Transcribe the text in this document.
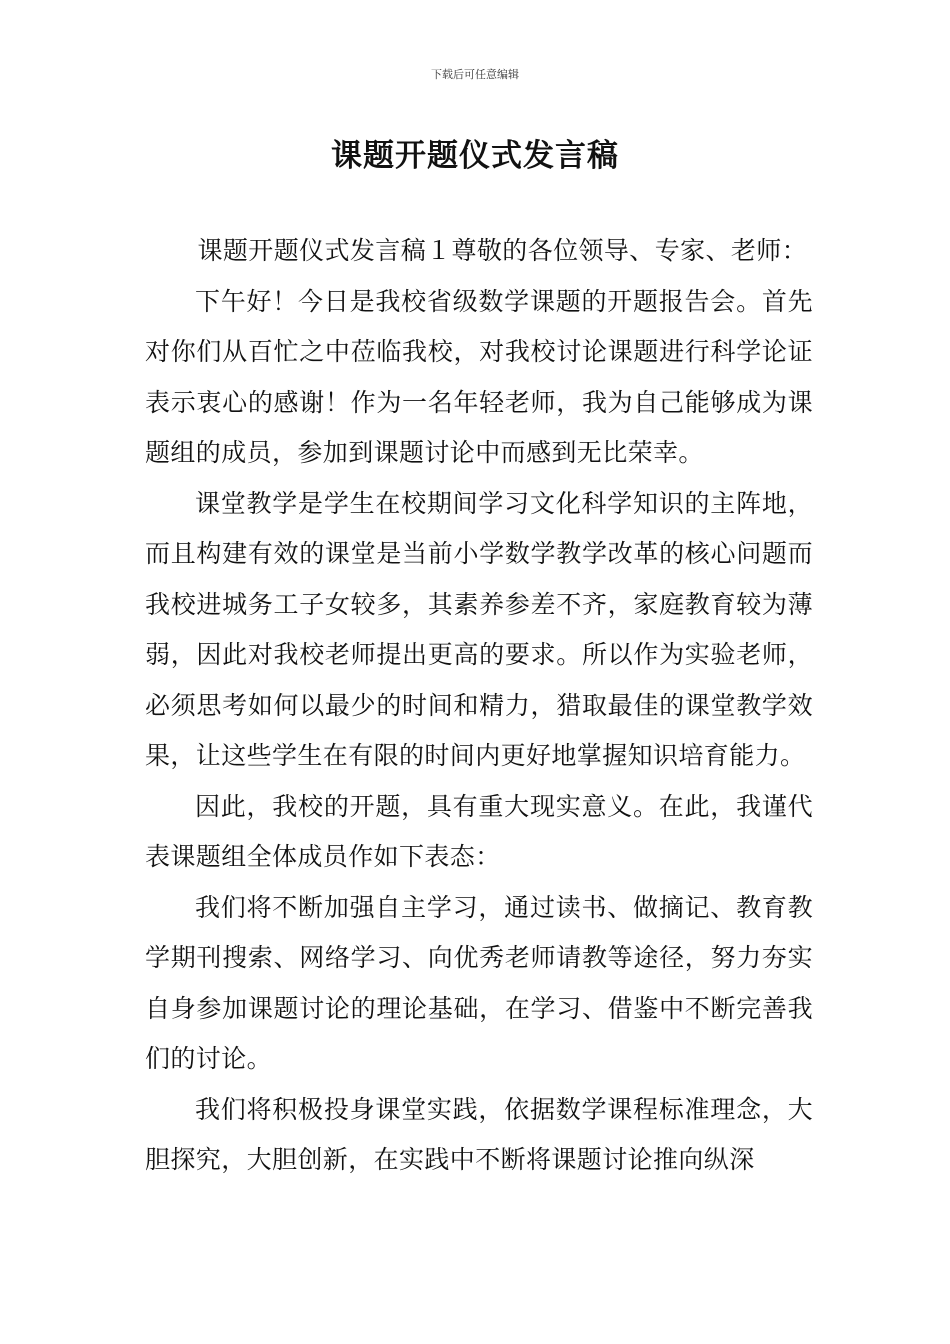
下载后可任意编辑
课题开题仪式发言稿

课题开题仪式发言稿１尊敬的各位领导、专家、老师：

下午好！今日是我校省级数学课题的开题报告会。首先对你们从百忙之中莅临我校，对我校讨论课题进行科学论证表示衷心的感谢！作为一名年轻老师，我为自己能够成为课题组的成员，参加到课题讨论中而感到无比荣幸。

课堂教学是学生在校期间学习文化科学知识的主阵地，而且构建有效的课堂是当前小学数学教学改革的核心问题而我校进城务工子女较多，其素养参差不齐，家庭教育较为薄弱，因此对我校老师提出更高的要求。所以作为实验老师，必须思考如何以最少的时间和精力，猎取最佳的课堂教学效果，让这些学生在有限的时间内更好地掌握知识培育能力。

因此，我校的开题，具有重大现实意义。在此，我谨代表课题组全体成员作如下表态：

我们将不断加强自主学习，通过读书、做摘记、教育教学期刊搜索、网络学习、向优秀老师请教等途径，努力夯实自身参加课题讨论的理论基础，在学习、借鉴中不断完善我们的讨论。

我们将积极投身课堂实践，依据数学课程标准理念，大胆探究，大胆创新，在实践中不断将课题讨论推向纵深
